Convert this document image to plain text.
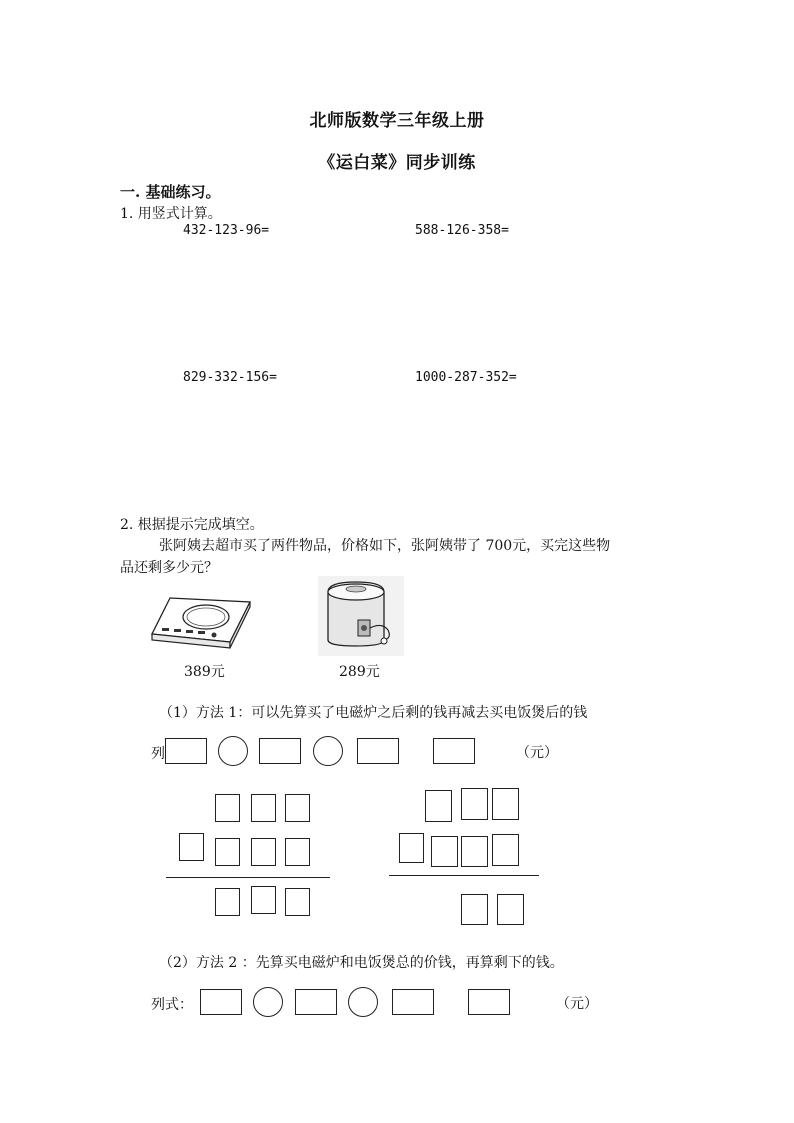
北师版数学三年级上册
《运白菜》同步训练
一. 基础练习。
1. 用竖式计算。
432-123-96=	588-126-358=
829-332-156=	1000-287-352=
2. 根据提示完成填空。
张阿姨去超市买了两件物品，价格如下，张阿姨带了 700元，买完这些物
品还剩多少元？
389元	289元
（1）方法 1：可以先算买了电磁炉之后剩的钱再减去买电饭煲后的钱
列	（元）
（2）方法 2 ：先算买电磁炉和电饭煲总的价钱，再算剩下的钱。
列式：	（元）
